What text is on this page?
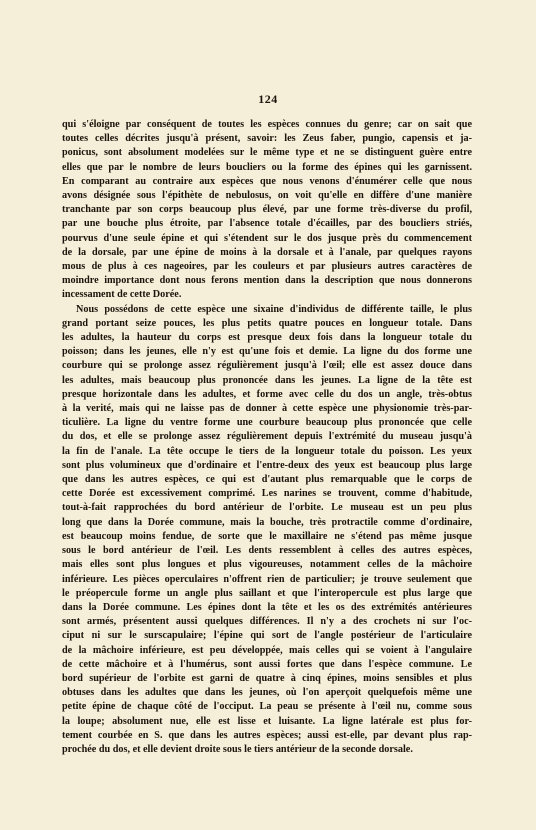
124
qui s'éloigne par conséquent de toutes les espèces connues du genre; car on sait que
toutes celles décrites jusqu'à présent, savoir: les Zeus faber, pungio, capensis et ja-
ponicus, sont absolument modelées sur le même type et ne se distinguent guère entre
elles que par le nombre de leurs boucliers ou la forme des épines qui les garnissent.
En comparant au contraire aux espèces que nous venons d'énumérer celle que nous
avons désignée sous l'épithète de nebulosus, on voit qu'elle en diffère d'une manière
tranchante par son corps beaucoup plus élevé, par une forme très-diverse du profil,
par une bouche plus étroite, par l'absence totale d'écailles, par des boucliers striés,
pourvus d'une seule épine et qui s'étendent sur le dos jusque près du commencement
de la dorsale, par une épine de moins à la dorsale et à l'anale, par quelques rayons
mous de plus à ces nageoires, par les couleurs et par plusieurs autres caractères de
moindre importance dont nous ferons mention dans la description que nous donnerons
incessament de cette Dorée.
Nous possédons de cette espèce une sixaine d'individus de différente taille, le plus
grand portant seize pouces, les plus petits quatre pouces en longueur totale. Dans
les adultes, la hauteur du corps est presque deux fois dans la longueur totale du
poisson; dans les jeunes, elle n'y est qu'une fois et demie. La ligne du dos forme une
courbure qui se prolonge assez régulièrement jusqu'à l'œil; elle est assez douce dans
les adultes, mais beaucoup plus prononcée dans les jeunes. La ligne de la tête est
presque horizontale dans les adultes, et forme avec celle du dos un angle, très-obtus
à la verité, mais qui ne laisse pas de donner à cette espèce une physionomie très-par-
ticulière. La ligne du ventre forme une courbure beaucoup plus prononcée que celle
du dos, et elle se prolonge assez régulièrement depuis l'extrémité du museau jusqu'à
la fin de l'anale. La tête occupe le tiers de la longueur totale du poisson. Les yeux
sont plus volumineux que d'ordinaire et l'entre-deux des yeux est beaucoup plus large
que dans les autres espèces, ce qui est d'autant plus remarquable que le corps de
cette Dorée est excessivement comprimé. Les narines se trouvent, comme d'habitude,
tout-à-fait rapprochées du bord antérieur de l'orbite. Le museau est un peu plus
long que dans la Dorée commune, mais la bouche, très protractile comme d'ordinaire,
est beaucoup moins fendue, de sorte que le maxillaire ne s'étend pas même jusque
sous le bord antérieur de l'œil. Les dents ressemblent à celles des autres espèces,
mais elles sont plus longues et plus vigoureuses, notamment celles de la mâchoire
inférieure. Les pièces operculaires n'offrent rien de particulier; je trouve seulement que
le préopercule forme un angle plus saillant et que l'interopercule est plus large que
dans la Dorée commune. Les épines dont la tête et les os des extrémités antérieures
sont armés, présentent aussi quelques différences. Il n'y a des crochets ni sur l'oc-
ciput ni sur le surscapulaire; l'épine qui sort de l'angle postérieur de l'articulaire
de la mâchoire inférieure, est peu développée, mais celles qui se voient à l'angulaire
de cette mâchoire et à l'humérus, sont aussi fortes que dans l'espèce commune. Le
bord supérieur de l'orbite est garni de quatre à cinq épines, moins sensibles et plus
obtuses dans les adultes que dans les jeunes, où l'on aperçoit quelquefois même une
petite épine de chaque côté de l'occiput. La peau se présente à l'œil nu, comme sous
la loupe; absolument nue, elle est lisse et luisante. La ligne latérale est plus for-
tement courbée en S. que dans les autres espèces; aussi est-elle, par devant plus rap-
prochée du dos, et elle devient droite sous le tiers antérieur de la seconde dorsale.
